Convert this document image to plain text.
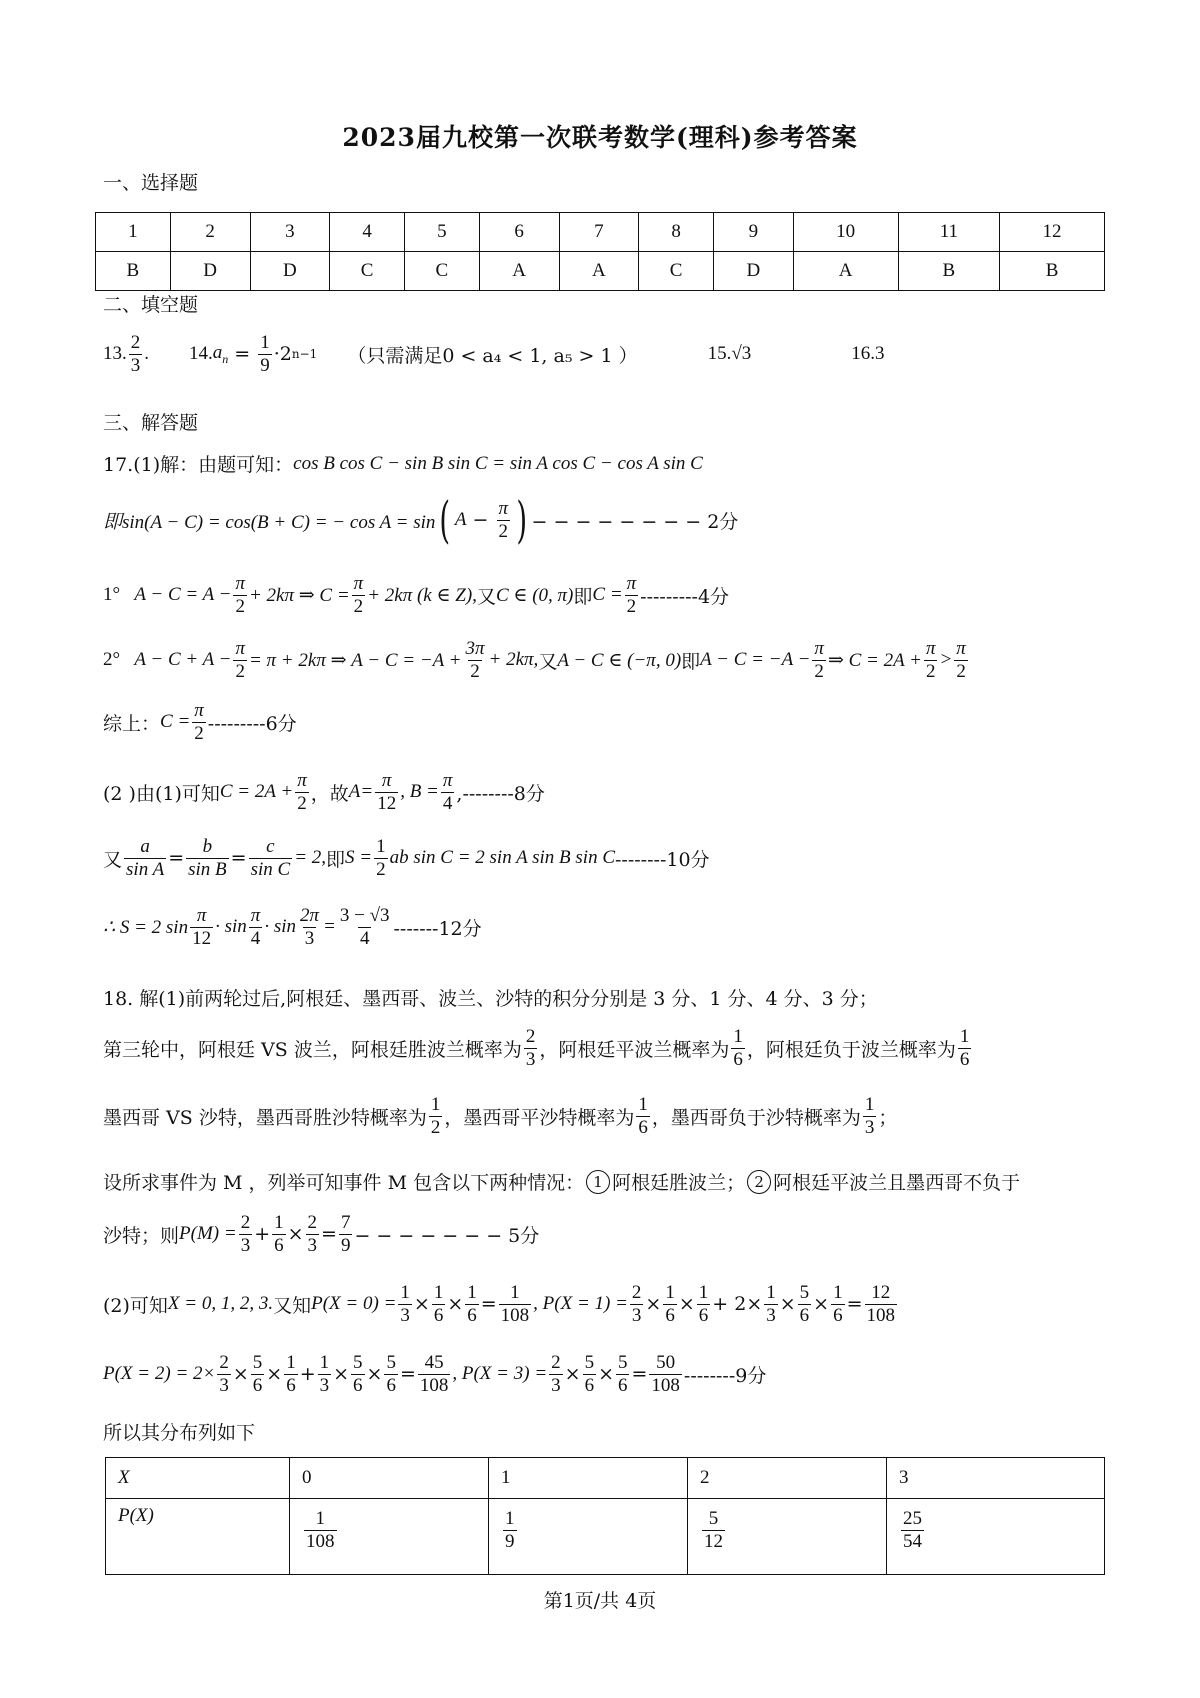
2023届九校第一次联考数学(理科)参考答案
一、选择题
1	2	3	4	5	6	7	8	9	10	11	12
B	D	D	C	C	A	A	C	D	A	B	B
二、填空题
13. $\frac{2}{3}$ . 14. $a_n = \frac{1}{9} \cdot 2$ n−1 （只需满足0 < a₄ < 1, a₅ > 1 ）	15.√3	16.3
三、解答题
17.(1)解：由题可知： cos B cos C − sin B sin C = sin A cos C − cos A sin C
即sin(A − C) = cos(B + C) = − cos A = sin ( $A - \frac{\pi}{2}$ ) − − − − − − − − 2分
1° $A - C = A - \frac{\pi}{2} + 2k\pi$ ⇒ $C = \frac{\pi}{2} + 2k\pi$ (k ∈ Z), 又 C ∈ (0, π) 即 $C = \frac{\pi}{2} ---------4$分
2° $A - C + A - \frac{\pi}{2} = \pi + 2k\pi$ ⇒ $A - C = -A + \frac{3\pi}{2} + 2k\pi$, 又 A − C ∈ (−π, 0) 即 $A - C = -A - \frac{\pi}{2}$ ⇒ $C = 2A + \frac{\pi}{2} > \frac{\pi}{2}$
综上： $C = \frac{\pi}{2} ---------6$分
(2 )由(1)可知 $C = 2A + \frac{\pi}{2}$ ，故 $A= \frac{\pi}{12}$ , $B = \frac{\pi}{4} ,--------8$分
又 $\frac{a}{\text{sin A}} = \frac{b}{\text{sin B}} = \frac{c}{\text{sin C}} = 2$, 即 $S = \frac{1}{2}$ ab sin C = 2 sin A sin B sin C --------10分
∴ S = 2 $\sin \frac{\pi}{12} \cdot \sin \frac{\pi}{4} \cdot \sin \frac{2\pi}{3} = \frac{3 - √3}{4} -------12$分
18. 解(1)前两轮过后,阿根廷、墨西哥、波兰、沙特的积分分别是 3 分、1 分、4 分、3 分；
第三轮中，阿根廷 VS 波兰，阿根廷胜波兰概率为 $\frac{2}{3}$ ，阿根廷平波兰概率为 $\frac{1}{6}$ ，阿根廷负于波兰概率为 $\frac{1}{6}$
墨西哥 VS 沙特，墨西哥胜沙特概率为 $\frac{1}{2}$ ，墨西哥平沙特概率为 $\frac{1}{6}$ ，墨西哥负于沙特概率为 $\frac{1}{3}$ ；
设所求事件为 M ，列举可知事件 M 包含以下两种情况： 1 阿根廷胜波兰； 2 阿根廷平波兰且墨西哥不负于
沙特；则 $P(M) = \frac{2}{3} + \frac{1}{6} \times \frac{2}{3} = \frac{7}{9}$ − − − − − − − 5分
(2)可知 X = 0, 1, 2, 3. 又知 $P(X = 0) = \frac{1}{3} \times \frac{1}{6} \times \frac{1}{6} = \frac{1}{108}$ , $P(X = 1) = \frac{2}{3} \times \frac{1}{6} \times \frac{1}{6} + 2\times \frac{1}{3} \times \frac{5}{6} \times \frac{1}{6} = \frac{12}{108}$
$P(X = 2) = 2\times \frac{2}{3} \times \frac{5}{6} \times \frac{1}{6} + \frac{1}{3} \times \frac{5}{6} \times \frac{5}{6} = \frac{45}{108}$ , $P(X = 3) = \frac{2}{3} \times \frac{5}{6} \times \frac{5}{6} = \frac{50}{108} --------9$分
所以其分布列如下
X	0	1	2	3
P(X)	$\frac{1}{108}$	$\frac{1}{9}$	$\frac{5}{12}$	$\frac{25}{54}$
第1页/共 4页
